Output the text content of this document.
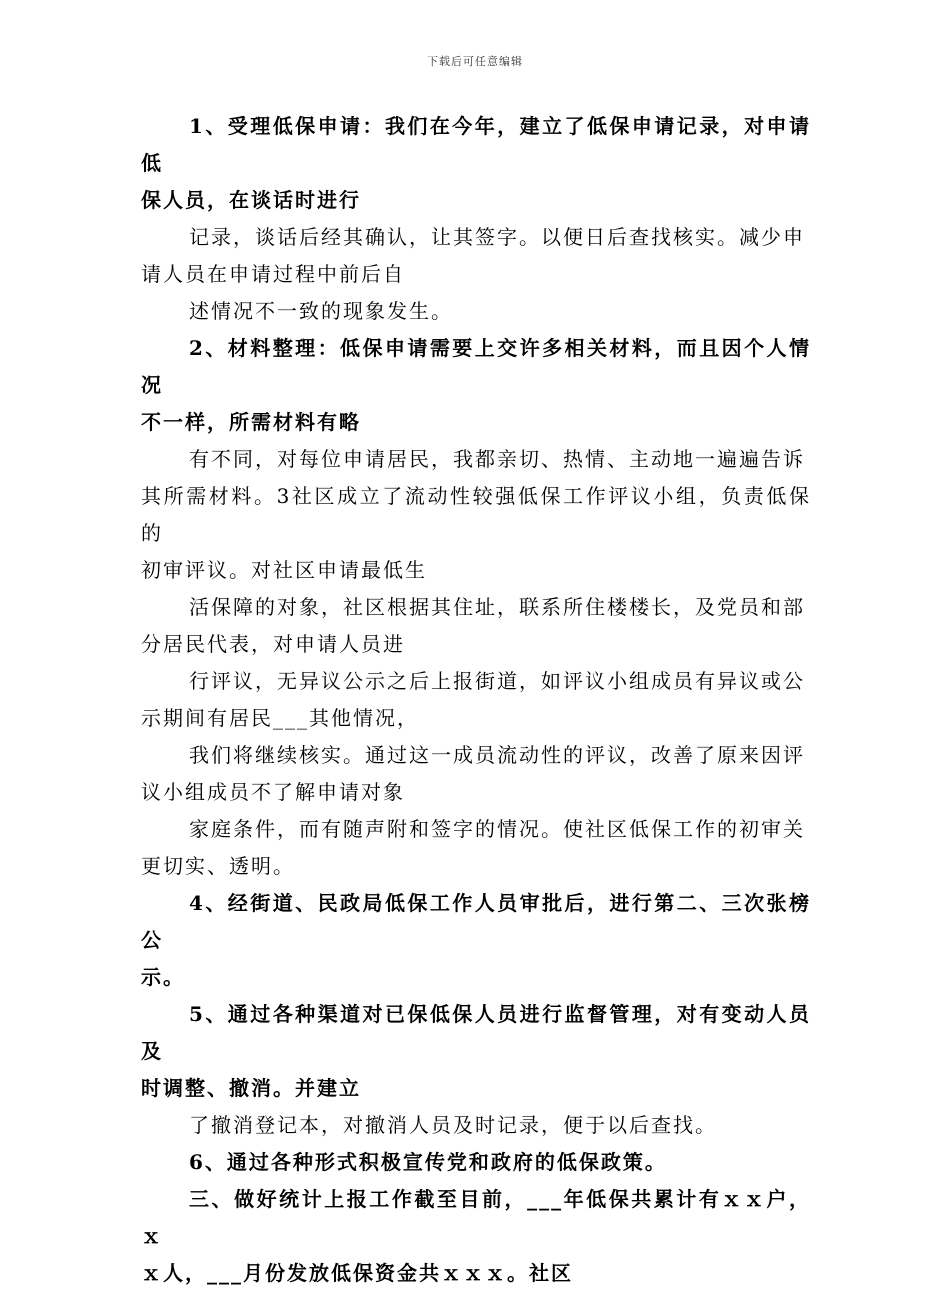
下载后可任意编辑

1、受理低保申请：我们在今年，建立了低保申请记录，对申请低
保人员，在谈话时进行

记录，谈话后经其确认，让其签字。以便日后查找核实。减少申
请人员在申请过程中前后自

述情况不一致的现象发生。

2、材料整理：低保申请需要上交许多相关材料，而且因个人情况
不一样，所需材料有略

有不同，对每位申请居民，我都亲切、热情、主动地一遍遍告诉
其所需材料。3社区成立了流动性较强低保工作评议小组，负责低保的
初审评议。对社区申请最低生

活保障的对象，社区根据其住址，联系所住楼楼长，及党员和部
分居民代表，对申请人员进

行评议，无异议公示之后上报街道，如评议小组成员有异议或公
示期间有居民___其他情况，

我们将继续核实。通过这一成员流动性的评议，改善了原来因评
议小组成员不了解申请对象

家庭条件，而有随声附和签字的情况。使社区低保工作的初审关
更切实、透明。

4、经街道、民政局低保工作人员审批后，进行第二、三次张榜公
示。

5、通过各种渠道对已保低保人员进行监督管理，对有变动人员及
时调整、撤消。并建立

了撤消登记本，对撤消人员及时记录，便于以后查找。

6、通过各种形式积极宣传党和政府的低保政策。

三、做好统计上报工作截至目前，___年低保共累计有ｘｘ户，ｘ
ｘ人，___月份发放低保资金共ｘｘｘ。社区
